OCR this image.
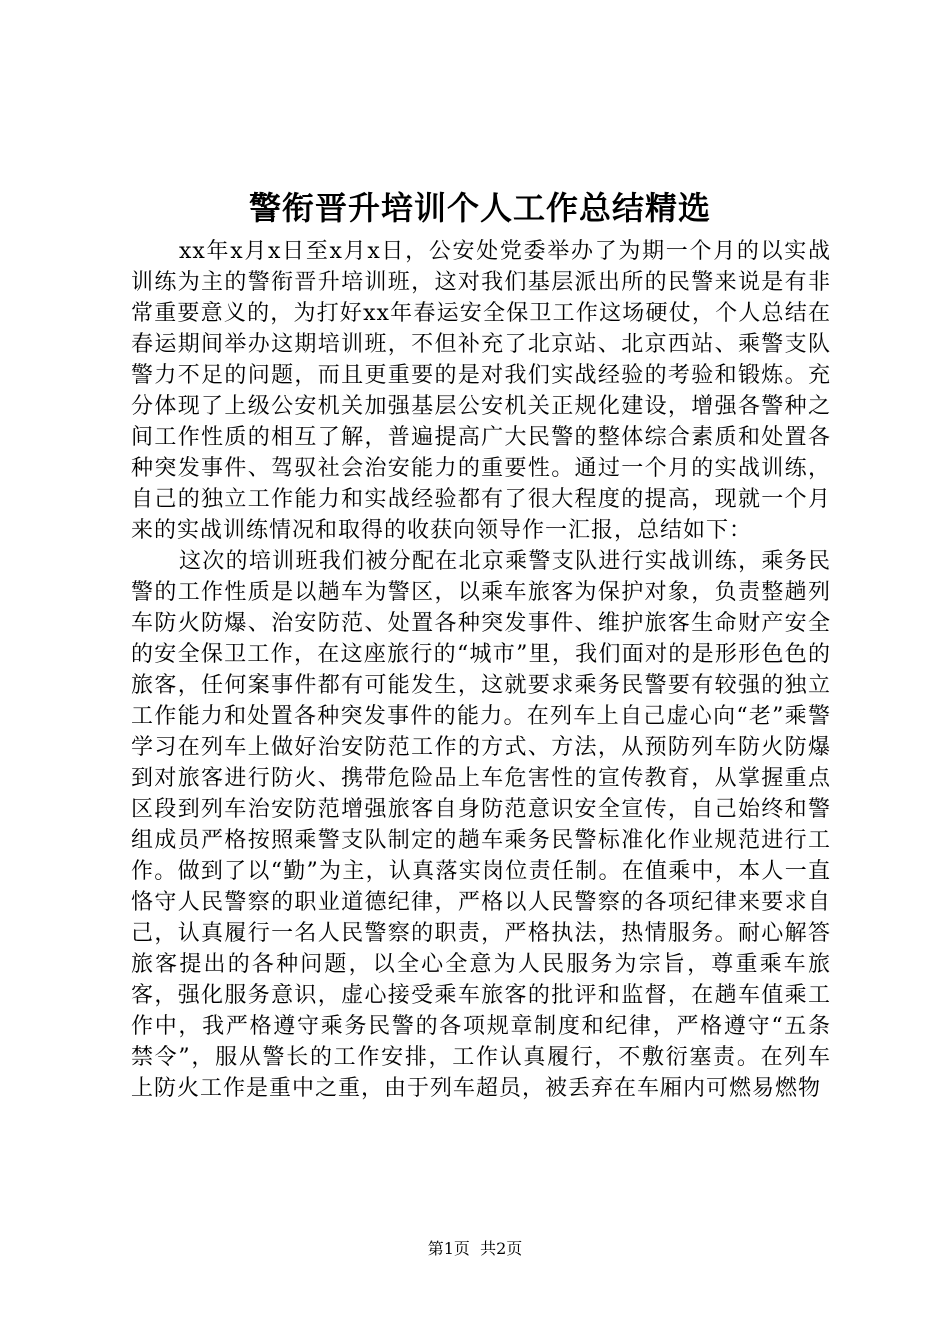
警衔晋升培训个人工作总结精选

xx年x月x日至x月x日，公安处党委举办了为期一个月的以实战训练为主的警衔晋升培训班，这对我们基层派出所的民警来说是有非常重要意义的，为打好xx年春运安全保卫工作这场硬仗，个人总结在春运期间举办这期培训班，不但补充了北京站、北京西站、乘警支队警力不足的问题，而且更重要的是对我们实战经验的考验和锻炼。充分体现了上级公安机关加强基层公安机关正规化建设，增强各警种之间工作性质的相互了解，普遍提高广大民警的整体综合素质和处置各种突发事件、驾驭社会治安能力的重要性。通过一个月的实战训练，自己的独立工作能力和实战经验都有了很大程度的提高，现就一个月来的实战训练情况和取得的收获向领导作一汇报，总结如下：

这次的培训班我们被分配在北京乘警支队进行实战训练，乘务民警的工作性质是以趟车为警区，以乘车旅客为保护对象，负责整趟列车防火防爆、治安防范、处置各种突发事件、维护旅客生命财产安全的安全保卫工作，在这座旅行的“城市”里，我们面对的是形形色色的旅客，任何案事件都有可能发生，这就要求乘务民警要有较强的独立工作能力和处置各种突发事件的能力。在列车上自己虚心向“老”乘警学习在列车上做好治安防范工作的方式、方法，从预防列车防火防爆到对旅客进行防火、携带危险品上车危害性的宣传教育，从掌握重点区段到列车治安防范增强旅客自身防范意识安全宣传，自己始终和警组成员严格按照乘警支队制定的趟车乘务民警标准化作业规范进行工作。做到了以“勤”为主，认真落实岗位责任制。在值乘中，本人一直恪守人民警察的职业道德纪律，严格以人民警察的各项纪律来要求自己，认真履行一名人民警察的职责，严格执法，热情服务。耐心解答旅客提出的各种问题，以全心全意为人民服务为宗旨，尊重乘车旅客，强化服务意识，虚心接受乘车旅客的批评和监督，在趟车值乘工作中，我严格遵守乘务民警的各项规章制度和纪律，严格遵守“五条禁令”，服从警长的工作安排，工作认真履行，不敷衍塞责。在列车上防火工作是重中之重，由于列车超员，被丢弃在车厢内可燃易燃物

第1页  共2页
